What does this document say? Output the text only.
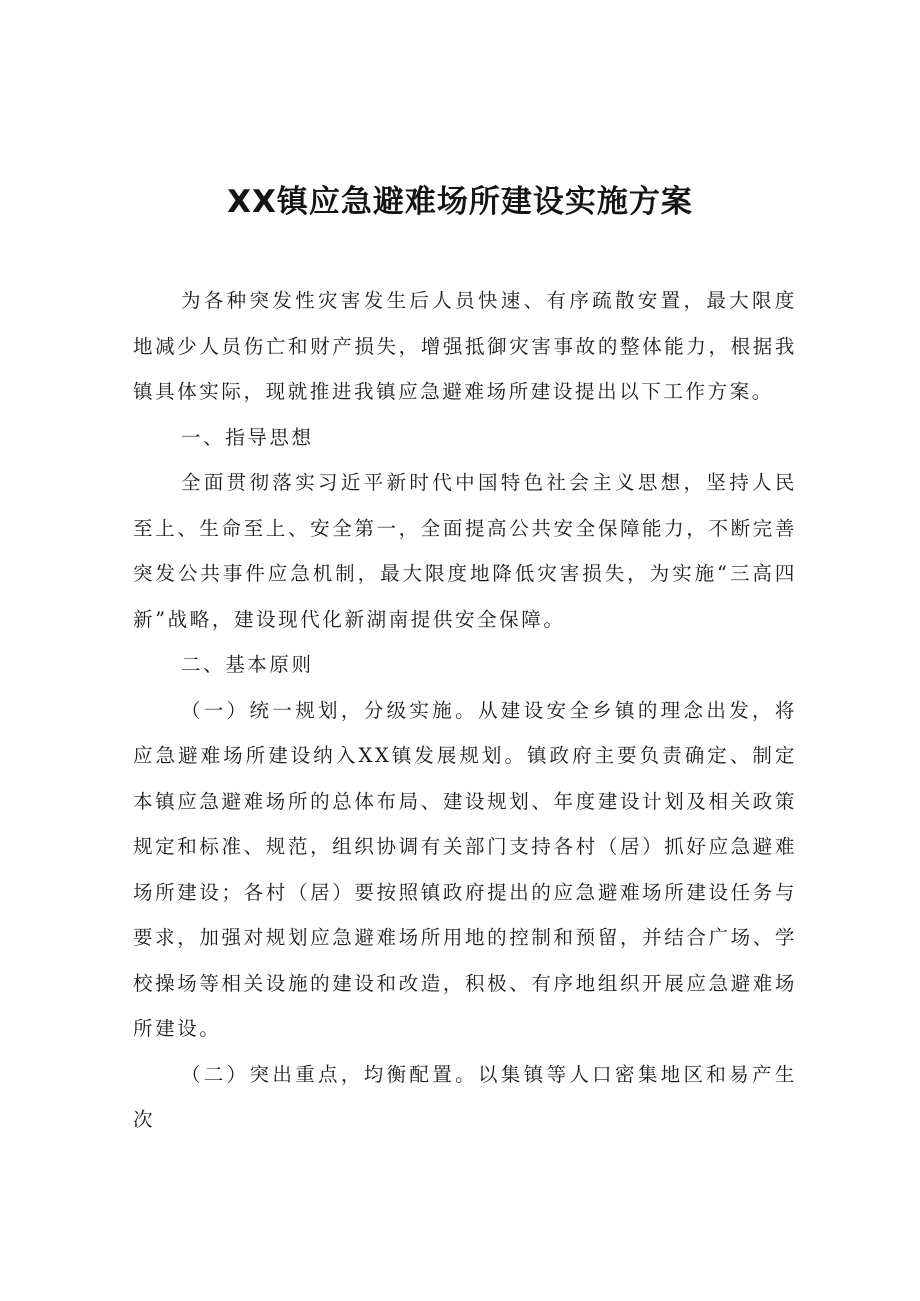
XX镇应急避难场所建设实施方案

为各种突发性灾害发生后人员快速、有序疏散安置，最大限度地减少人员伤亡和财产损失，增强抵御灾害事故的整体能力，根据我镇具体实际，现就推进我镇应急避难场所建设提出以下工作方案。

一、指导思想

全面贯彻落实习近平新时代中国特色社会主义思想，坚持人民至上、生命至上、安全第一，全面提高公共安全保障能力，不断完善突发公共事件应急机制，最大限度地降低灾害损失，为实施“三高四新”战略，建设现代化新湖南提供安全保障。

二、基本原则

（一）统一规划，分级实施。从建设安全乡镇的理念出发，将应急避难场所建设纳入XX镇发展规划。镇政府主要负责确定、制定本镇应急避难场所的总体布局、建设规划、年度建设计划及相关政策规定和标准、规范，组织协调有关部门支持各村（居）抓好应急避难场所建设；各村（居）要按照镇政府提出的应急避难场所建设任务与要求，加强对规划应急避难场所用地的控制和预留，并结合广场、学校操场等相关设施的建设和改造，积极、有序地组织开展应急避难场所建设。

（二）突出重点，均衡配置。以集镇等人口密集地区和易产生次
